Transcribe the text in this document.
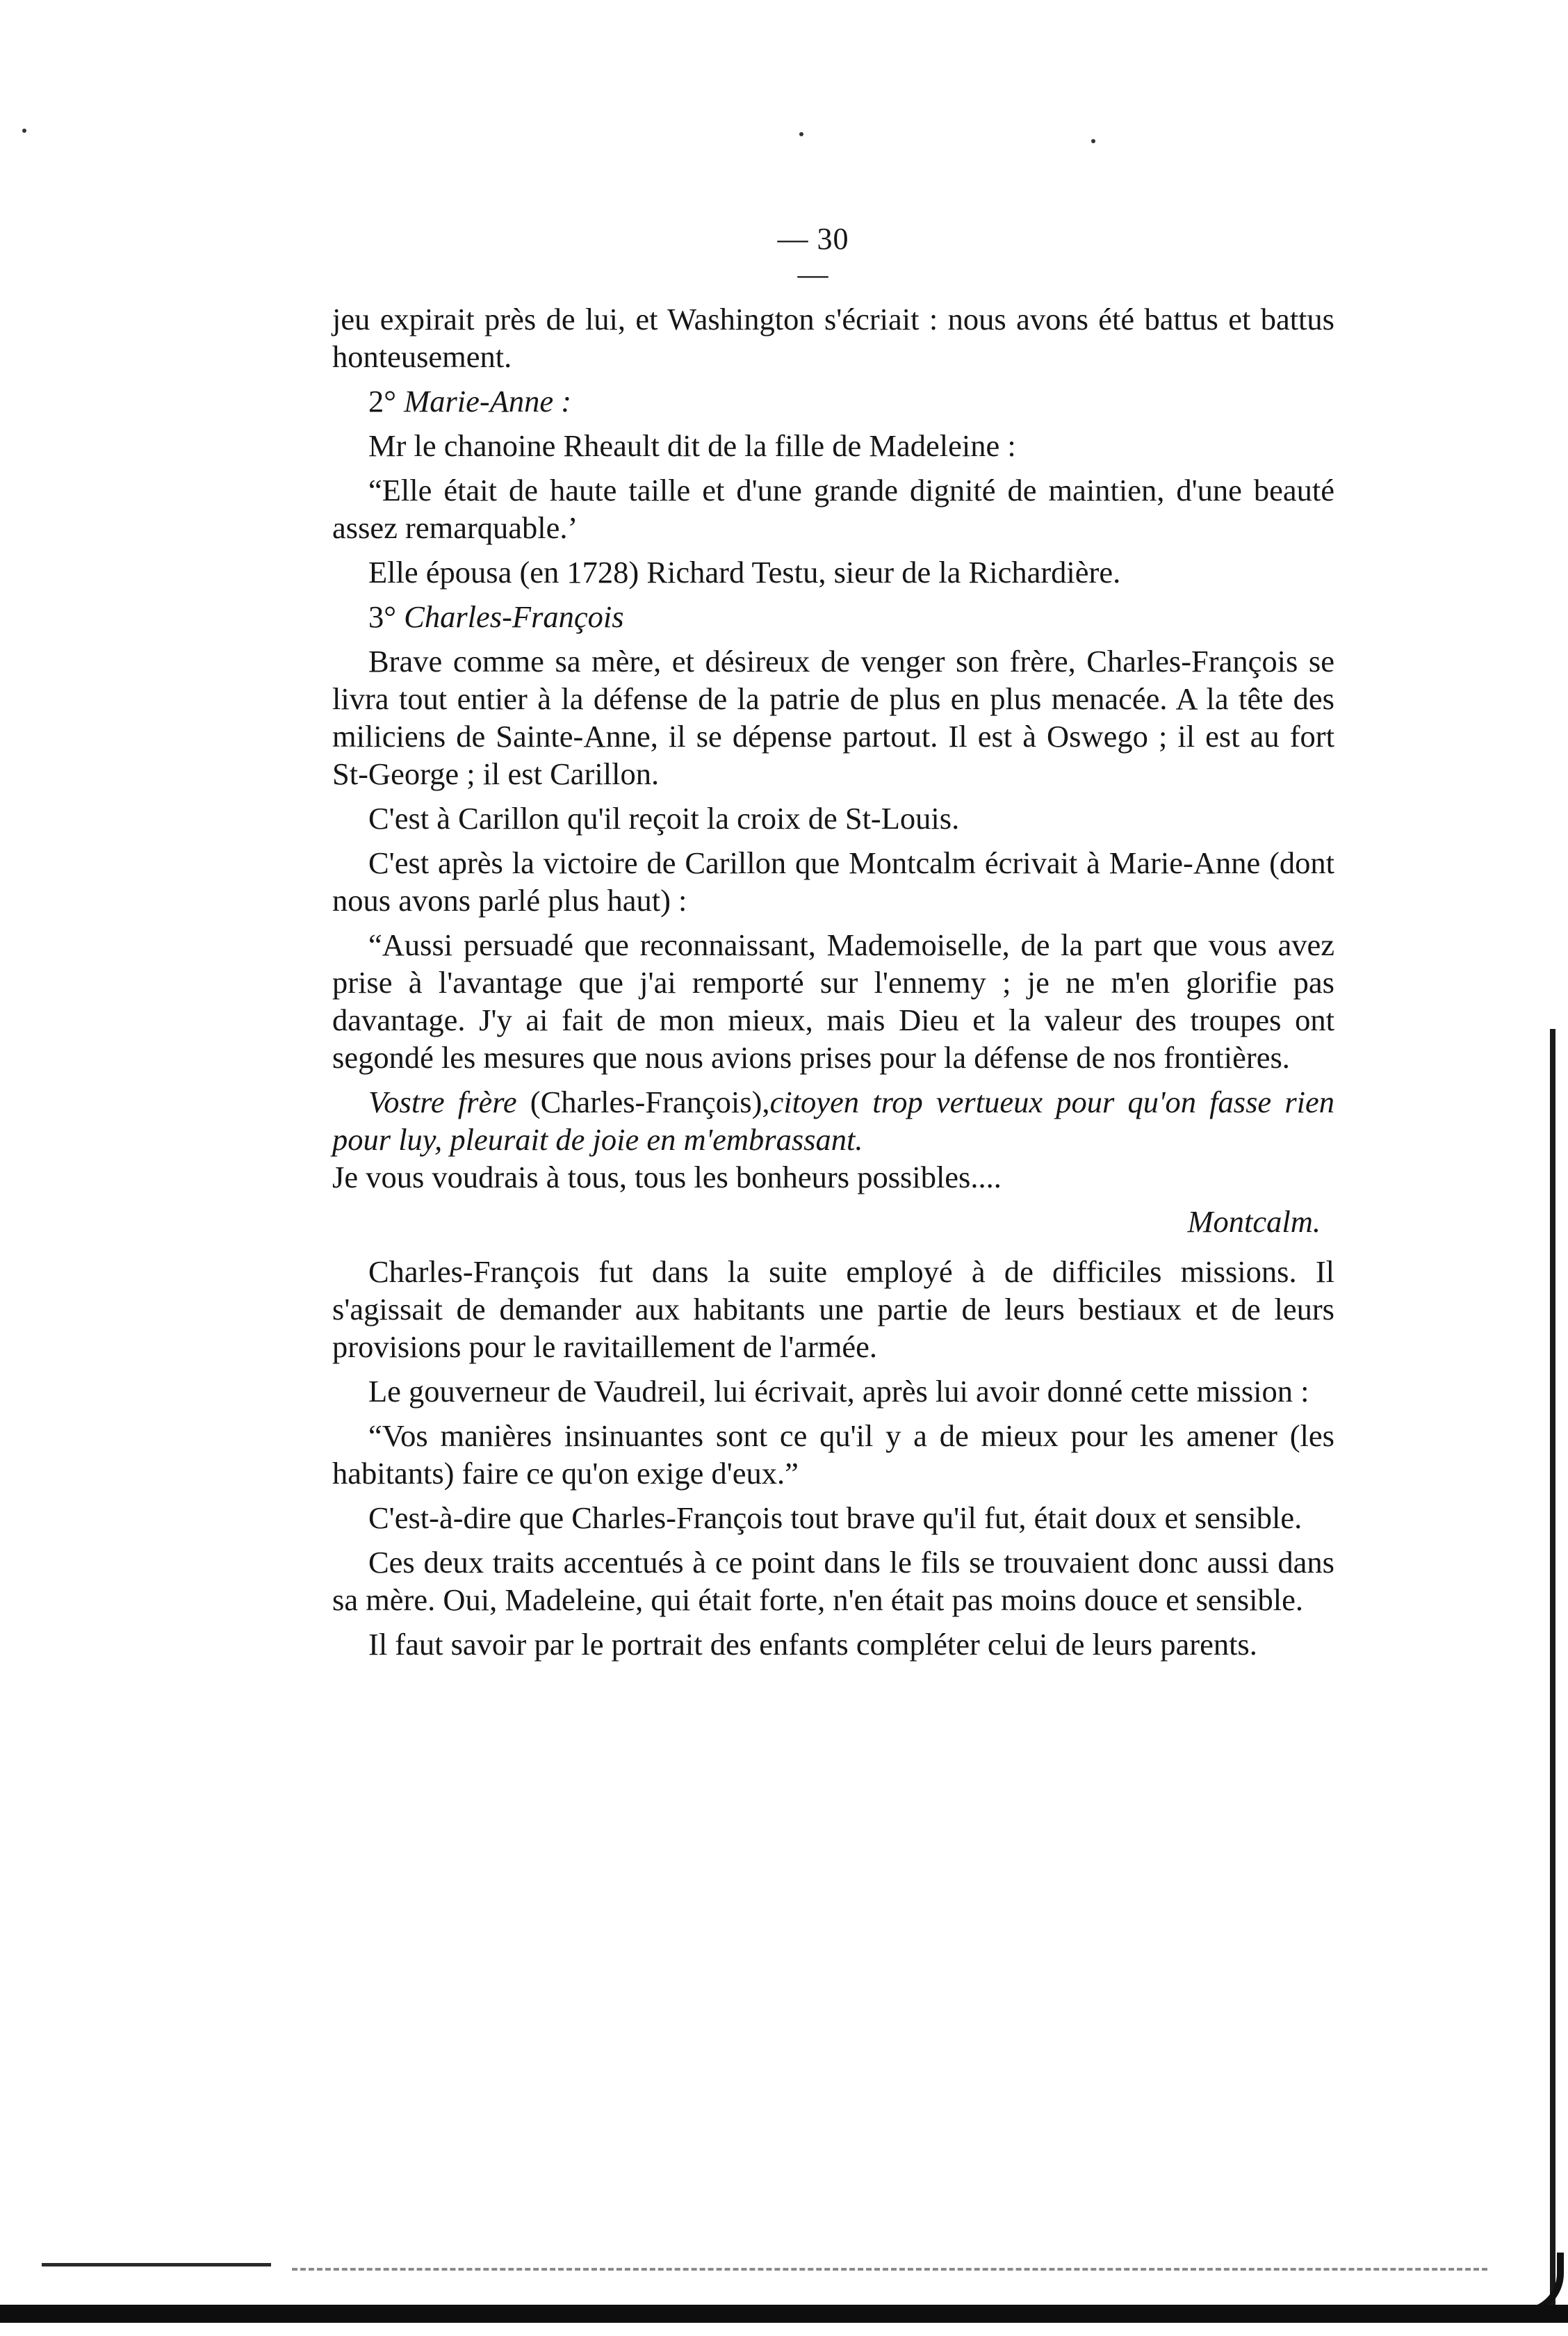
— 30 —

jeu expirait près de lui, et Washington s'écriait : nous avons été battus et battus honteusement.

2° Marie-Anne :

Mr le chanoine Rheault dit de la fille de Madeleine :

“Elle était de haute taille et d'une grande dignité de maintien, d'une beauté assez remarquable.’

Elle épousa (en 1728) Richard Testu, sieur de la Richardière.

3° Charles-François

Brave comme sa mère, et désireux de venger son frère, Charles-François se livra tout entier à la défense de la patrie de plus en plus menacée. A la tête des miliciens de Sainte-Anne, il se dépense partout. Il est à Oswego ; il est au fort St-George ; il est Carillon.

C'est à Carillon qu'il reçoit la croix de St-Louis.

C'est après la victoire de Carillon que Montcalm écrivait à Marie-Anne (dont nous avons parlé plus haut) :

“Aussi persuadé que reconnaissant, Mademoiselle, de la part que vous avez prise à l'avantage que j'ai remporté sur l'ennemy ; je ne m'en glorifie pas davantage. J'y ai fait de mon mieux, mais Dieu et la valeur des troupes ont segondé les mesures que nous avions prises pour la défense de nos frontières.

Vostre frère (Charles-François),citoyen trop vertueux pour qu'on fasse rien pour luy, pleurait de joie en m'embrassant.

Je vous voudrais à tous, tous les bonheurs possibles....

Montcalm.

Charles-François fut dans la suite employé à de difficiles missions. Il s'agissait de demander aux habitants une partie de leurs bestiaux et de leurs provisions pour le ravitaillement de l'armée.

Le gouverneur de Vaudreil, lui écrivait, après lui avoir donné cette mission :

“Vos manières insinuantes sont ce qu'il y a de mieux pour les amener (les habitants) faire ce qu'on exige d'eux.”

C'est-à-dire que Charles-François tout brave qu'il fut, était doux et sensible.

Ces deux traits accentués à ce point dans le fils se trouvaient donc aussi dans sa mère. Oui, Madeleine, qui était forte, n'en était pas moins douce et sensible.

Il faut savoir par le portrait des enfants compléter celui de leurs parents.
